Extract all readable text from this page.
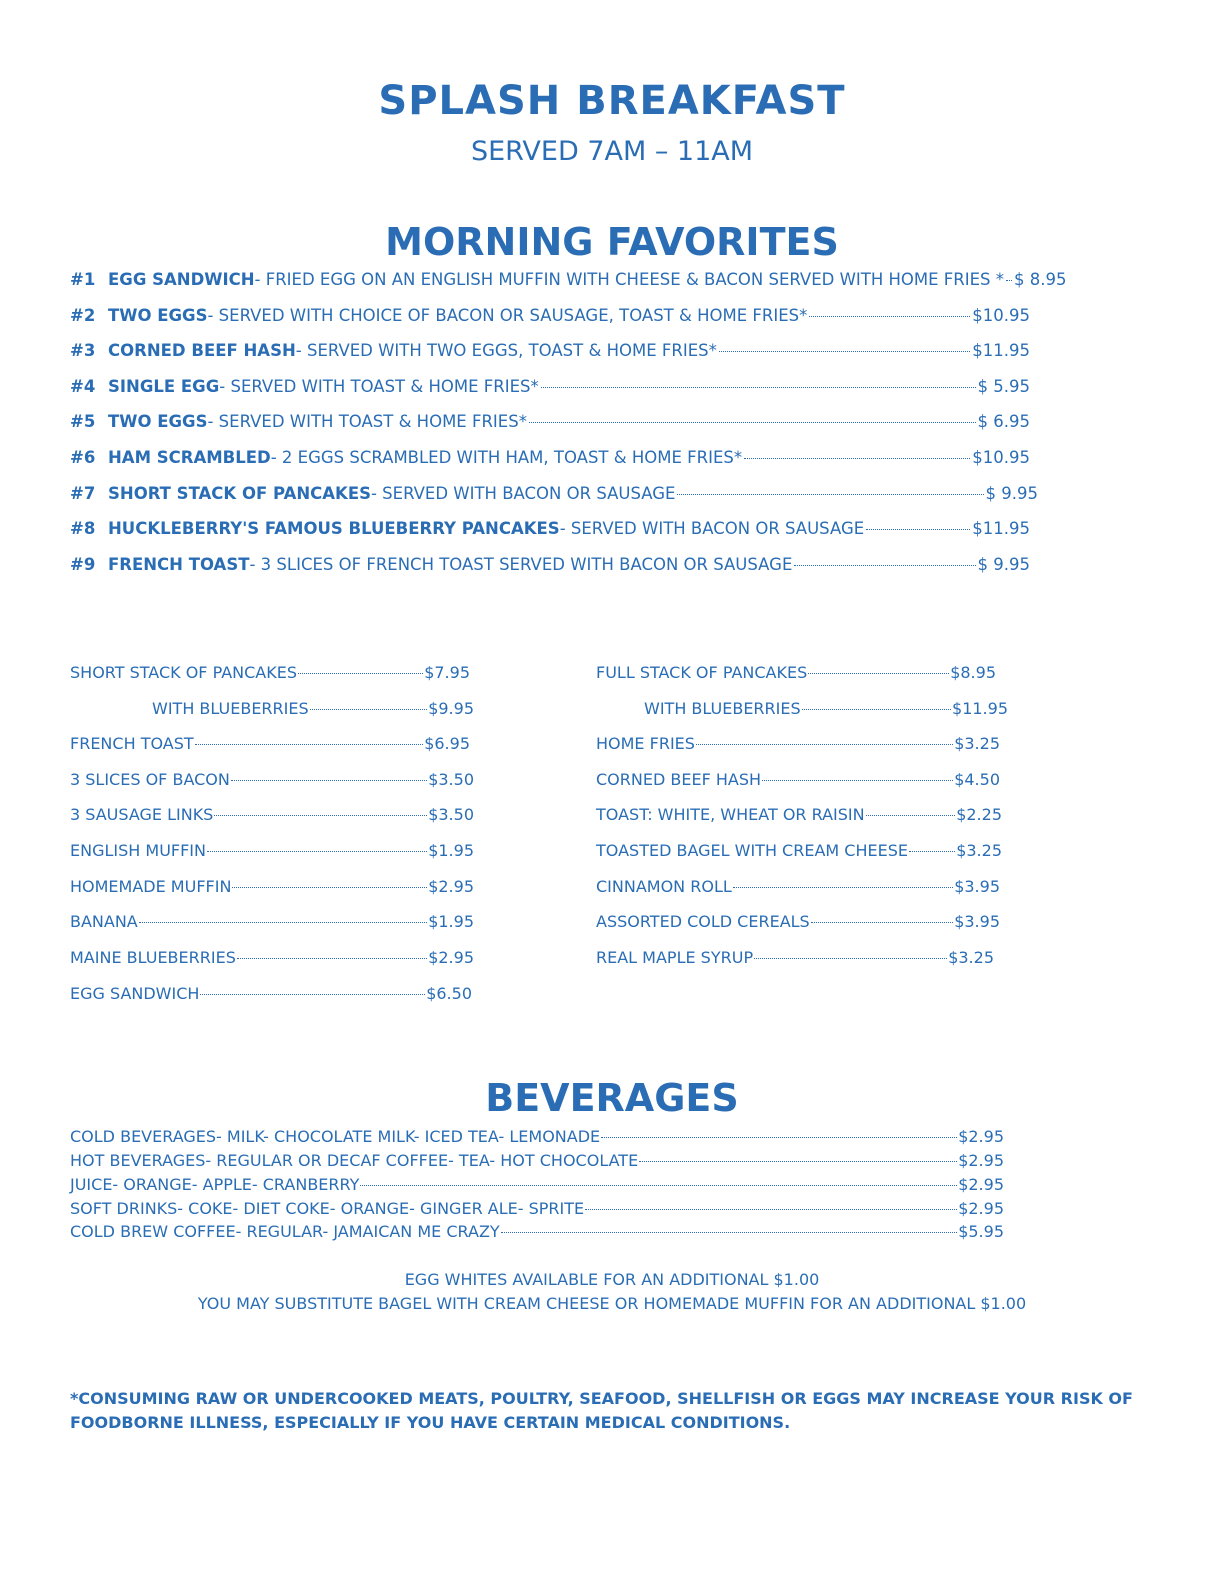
SPLASH BREAKFAST
SERVED 7AM – 11AM
MORNING FAVORITES
#1 EGG SANDWICH - FRIED EGG ON AN ENGLISH MUFFIN WITH CHEESE & BACON SERVED WITH HOME FRIES * $ 8.95
#2 TWO EGGS - SERVED WITH CHOICE OF BACON OR SAUSAGE, TOAST & HOME FRIES*	$10.95
#3 CORNED BEEF HASH - SERVED WITH TWO EGGS, TOAST & HOME FRIES*	$11.95
#4 SINGLE EGG - SERVED WITH TOAST & HOME FRIES*	$ 5.95
#5 TWO EGGS - SERVED WITH TOAST & HOME FRIES*	$ 6.95
#6 HAM SCRAMBLED - 2 EGGS SCRAMBLED WITH HAM, TOAST & HOME FRIES*	$10.95
#7 SHORT STACK OF PANCAKES - SERVED WITH BACON OR SAUSAGE	$ 9.95
#8 HUCKLEBERRY'S FAMOUS BLUEBERRY PANCAKES - SERVED WITH BACON OR SAUSAGE	$11.95
#9 FRENCH TOAST - 3 SLICES OF FRENCH TOAST SERVED WITH BACON OR SAUSAGE	$ 9.95
SHORT STACK OF PANCAKES	$7.95
WITH BLUEBERRIES	$9.95
FRENCH TOAST	$6.95
3 SLICES OF BACON	$3.50
3 SAUSAGE LINKS	$3.50
ENGLISH MUFFIN	$1.95
HOMEMADE MUFFIN	$2.95
BANANA	$1.95
MAINE BLUEBERRIES	$2.95
EGG SANDWICH	$6.50
FULL STACK OF PANCAKES	$8.95
WITH BLUEBERRIES	$11.95
HOME FRIES	$3.25
CORNED BEEF HASH	$4.50
TOAST: WHITE, WHEAT OR RAISIN	$2.25
TOASTED BAGEL WITH CREAM CHEESE	$3.25
CINNAMON ROLL	$3.95
ASSORTED COLD CEREALS	$3.95
REAL MAPLE SYRUP	$3.25
BEVERAGES
COLD BEVERAGES- MILK- CHOCOLATE MILK- ICED TEA- LEMONADE	$2.95
HOT BEVERAGES- REGULAR OR DECAF COFFEE- TEA- HOT CHOCOLATE	$2.95
JUICE- ORANGE- APPLE- CRANBERRY	$2.95
SOFT DRINKS- COKE- DIET COKE- ORANGE- GINGER ALE- SPRITE	$2.95
COLD BREW COFFEE- REGULAR- JAMAICAN ME CRAZY	$5.95
EGG WHITES AVAILABLE FOR AN ADDITIONAL $1.00
YOU MAY SUBSTITUTE BAGEL WITH CREAM CHEESE OR HOMEMADE MUFFIN FOR AN ADDITIONAL $1.00
*CONSUMING RAW OR UNDERCOOKED MEATS, POULTRY, SEAFOOD, SHELLFISH OR EGGS MAY INCREASE YOUR RISK OF
FOODBORNE ILLNESS, ESPECIALLY IF YOU HAVE CERTAIN MEDICAL CONDITIONS.
